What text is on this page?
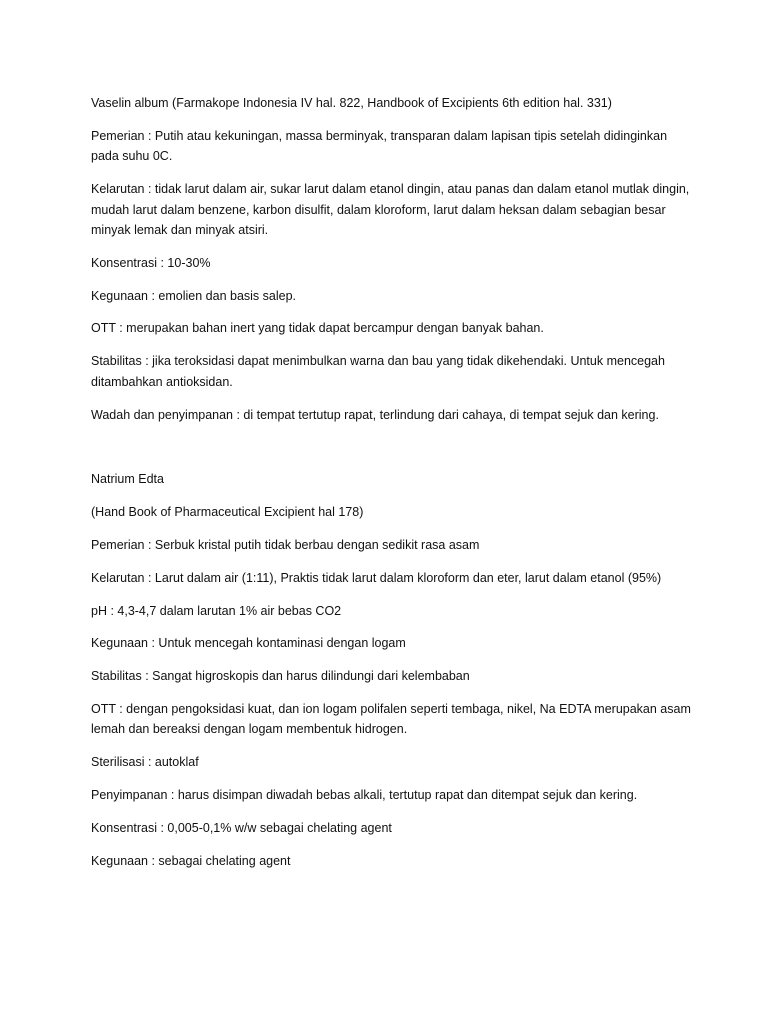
Vaselin album (Farmakope Indonesia IV hal. 822, Handbook of Excipients 6th edition hal. 331)

Pemerian : Putih atau kekuningan, massa berminyak, transparan dalam lapisan tipis setelah didinginkan pada suhu 0C.

Kelarutan : tidak larut dalam air, sukar larut dalam etanol dingin, atau panas dan dalam etanol mutlak dingin, mudah larut dalam benzene, karbon disulfit, dalam kloroform, larut dalam heksan dalam sebagian besar minyak lemak dan minyak atsiri.

Konsentrasi : 10-30%

Kegunaan : emolien dan basis salep.

OTT : merupakan bahan inert yang tidak dapat bercampur dengan banyak bahan.

Stabilitas : jika teroksidasi dapat menimbulkan warna dan bau yang tidak dikehendaki. Untuk mencegah ditambahkan antioksidan.

Wadah dan penyimpanan : di tempat tertutup rapat, terlindung dari cahaya, di tempat sejuk dan kering.

Natrium Edta

(Hand Book of Pharmaceutical Excipient hal 178)

Pemerian : Serbuk kristal putih tidak berbau dengan sedikit rasa asam

Kelarutan : Larut dalam air (1:11), Praktis tidak larut dalam kloroform dan eter, larut dalam etanol (95%)

pH : 4,3-4,7 dalam larutan 1% air bebas CO2

Kegunaan : Untuk mencegah kontaminasi dengan logam

Stabilitas : Sangat higroskopis dan harus dilindungi dari kelembaban

OTT : dengan pengoksidasi kuat, dan ion logam polifalen seperti tembaga, nikel, Na EDTA merupakan asam lemah dan bereaksi dengan logam membentuk hidrogen.

Sterilisasi : autoklaf

Penyimpanan : harus disimpan diwadah bebas alkali, tertutup rapat dan ditempat sejuk dan kering.

Konsentrasi : 0,005-0,1% w/w sebagai chelating agent

Kegunaan : sebagai chelating agent
